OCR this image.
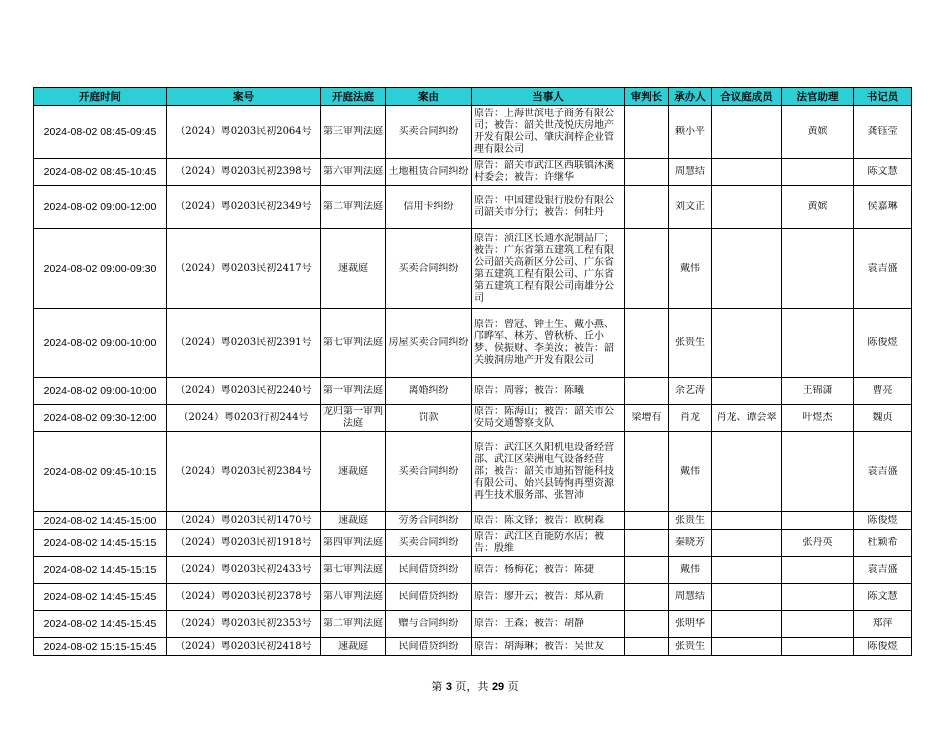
开庭时间	案号	开庭法庭	案由	当事人	审判长	承办人	合议庭成员	法官助理	书记员

2024-08-02 08:45-09:45	（2024）粤0203民初2064号	第三审判法庭	买卖合同纠纷	原告：上海世滨电子商务有限公司；被告：韶关世茂悦庆房地产开发有限公司、肇庆润梓企业管理有限公司		赖小平		黄嫔	龚钰莹

2024-08-02 08:45-10:45	（2024）粤0203民初2398号	第六审判法庭	土地租赁合同纠纷	原告：韶关市武江区西联镇沐溪村委会；被告：许继华		周慧结			陈文慧

2024-08-02 09:00-12:00	（2024）粤0203民初2349号	第二审判法庭	信用卡纠纷	原告：中国建设银行股份有限公司韶关市分行；被告：何牡丹		刘文正		黄嫔	侯嘉琳

2024-08-02 09:00-09:30	（2024）粤0203民初2417号	速裁庭	买卖合同纠纷	原告：浈江区长通水泥制品厂；被告：广东省第五建筑工程有限公司韶关高新区分公司、广东省第五建筑工程有限公司、广东省第五建筑工程有限公司南雄分公司		戴伟			袁吉盛

2024-08-02 09:00-10:00	（2024）粤0203民初2391号	第七审判法庭	房屋买卖合同纠纷	原告：曾冠、钟土生、戴小燕、邝晔军、林芳、曾秋桥、丘小梦、侯振财、李美汝；被告：韶关骏洞房地产开发有限公司		张贵生			陈俊煜

2024-08-02 09:00-10:00	（2024）粤0203民初2240号	第一审判法庭	离婚纠纷	原告：周蓉；被告：陈曦		余艺涛		王锦潇	曹亮

2024-08-02 09:30-12:00	（2024）粤0203行初244号	龙归第一审判法庭	罚款	原告：陈海山；被告：韶关市公安局交通警察支队	梁增有	肖龙	肖龙、谭会翠	叶煜杰	魏贞

2024-08-02 09:45-10:15	（2024）粤0203民初2384号	速裁庭	买卖合同纠纷	原告：武江区久阳机电设备经营部、武江区荣洲电气设备经营部；被告：韶关市迪拓智能科技有限公司、始兴县铸恂再塑资源再生技术服务部、张智沛		戴伟			袁吉盛

2024-08-02 14:45-15:00	（2024）粤0203民初1470号	速裁庭	劳务合同纠纷	原告：陈文锋；被告：欧树森		张贵生			陈俊煜

2024-08-02 14:45-15:15	（2024）粤0203民初1918号	第四审判法庭	买卖合同纠纷	原告：武江区百能防水店；被告：殷维		秦晓芳		张丹英	杜颖希

2024-08-02 14:45-15:15	（2024）粤0203民初2433号	第七审判法庭	民间借贷纠纷	原告：杨梅花；被告：陈捷		戴伟			袁吉盛

2024-08-02 14:45-15:45	（2024）粤0203民初2378号	第八审判法庭	民间借贷纠纷	原告：廖开云；被告：郑从新		周慧结			陈文慧

2024-08-02 14:45-15:45	（2024）粤0203民初2353号	第二审判法庭	赠与合同纠纷	原告：王森；被告：胡静		张明华			郑萍

2024-08-02 15:15-15:45	（2024）粤0203民初2418号	速裁庭	民间借贷纠纷	原告：胡海琳；被告：吴世友		张贵生			陈俊煜
第 3 页，共 29 页
